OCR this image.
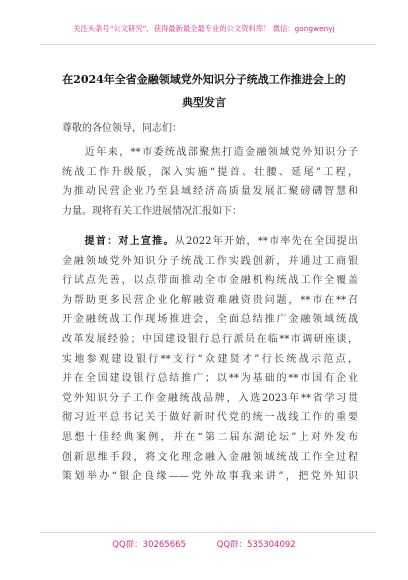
关注头条号“公文研究”，获得最新最全最专业的公文资料库！ 微信：gongwenyj
在2024年全省金融领域党外知识分子统战工作推进会上的
典型发言
尊敬的各位领导，同志们：
　　近年来，**市委统战部聚焦打造金融领域党外知识分子
统战工作升级版，深入实施“提首、壮腰、延尾”工程，
为推动民营企业乃至县域经济高质量发展汇聚磅礴智慧和
力量。现将有关工作进展情况汇报如下：
　　提首：对上宣推。从2022年开始，**市率先在全国提出
金融领域党外知识分子统战工作实践创新，并通过工商银
行试点先善，以点带面推动全市金融机构统战工作全覆盖
为帮助更多民营企业化解融资难融资贵问题，**市在**召
开金融统战工作现场推进会，全面总结推广金融领域统战
改革发展经验；中国建设银行总行派员在临**市调研座谈，
实地参观建设银行**支行“众建贤才”行长统战示范点，
并在全国建设银行总结推广；以**为基础的**市国有企业
党外知识分子工作金融统战品牌，入选2023年**省学习贯
彻习近平总书记关于做好新时代党的统一战线工作的重要
思想十佳经典案例，并在“第二届东湖论坛”上对外发布
创新思维手段，将文化理念融入金融领域统战工作全过程
策划举办“银企良缘——党外故事我来讲”，把党外知识
QQ群：30265665	QQ群：535304092
